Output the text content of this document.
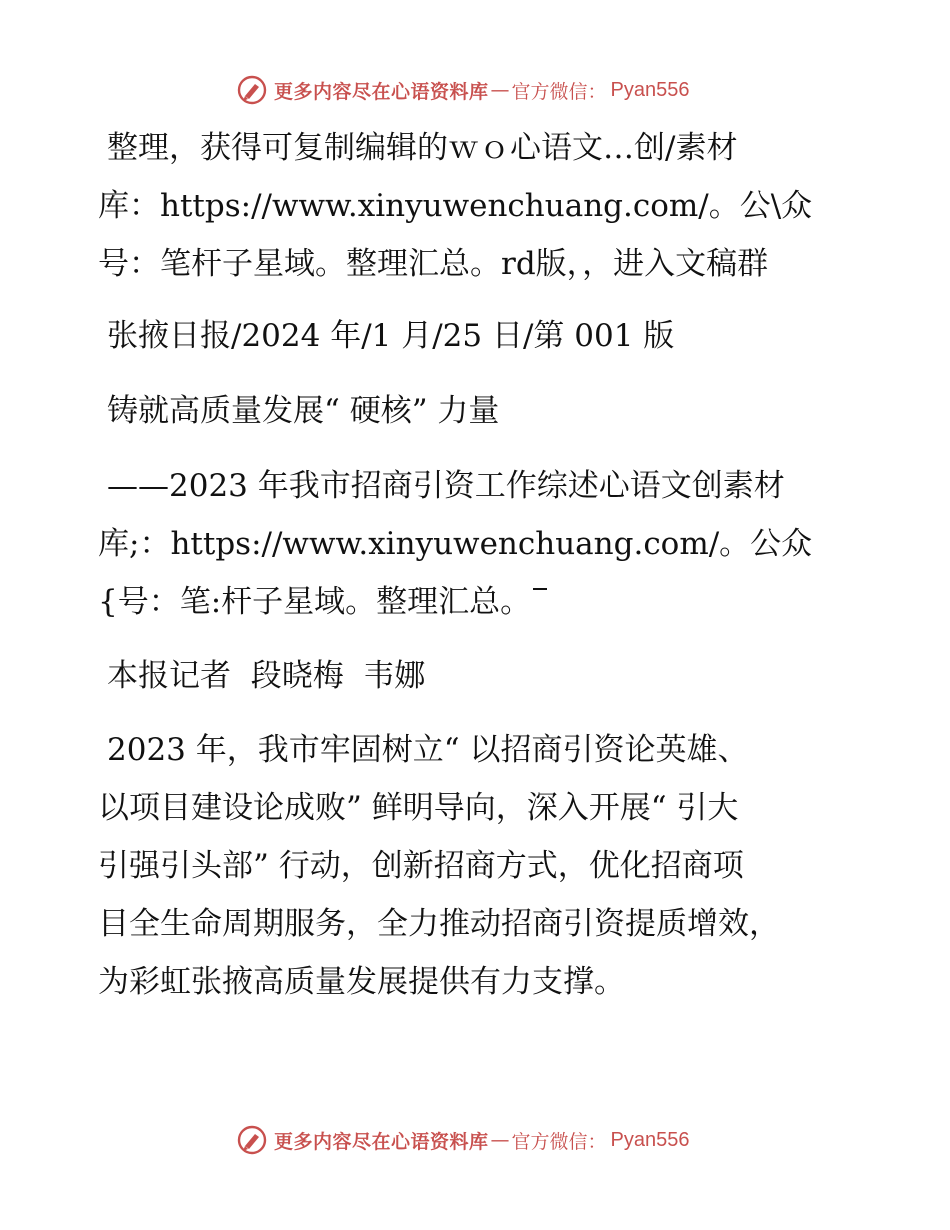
更多内容尽在心语资料库 — 官方微信： Pyan556
整理，获得可复制编辑的ｗｏ心语文…创/素材
库：https://www.xinyuwenchuang.com/。公\众
号：笔杆子星域。整理汇总。rd版，，进入文稿群
张掖日报/2024 年/1 月/25 日/第 001 版
铸就高质量发展“ 硬核” 力量
——2023 年我市招商引资工作综述心语文创素材
库;：https://www.xinyuwenchuang.com/。公众
{号：笔:杆子星域。整理汇总。
本报记者  段晓梅  韦娜
2023 年，我市牢固树立“ 以招商引资论英雄、
以项目建设论成败” 鲜明导向，深入开展“ 引大
引强引头部” 行动，创新招商方式，优化招商项
目全生命周期服务，全力推动招商引资提质增效，
为彩虹张掖高质量发展提供有力支撑。
更多内容尽在心语资料库 — 官方微信： Pyan556
